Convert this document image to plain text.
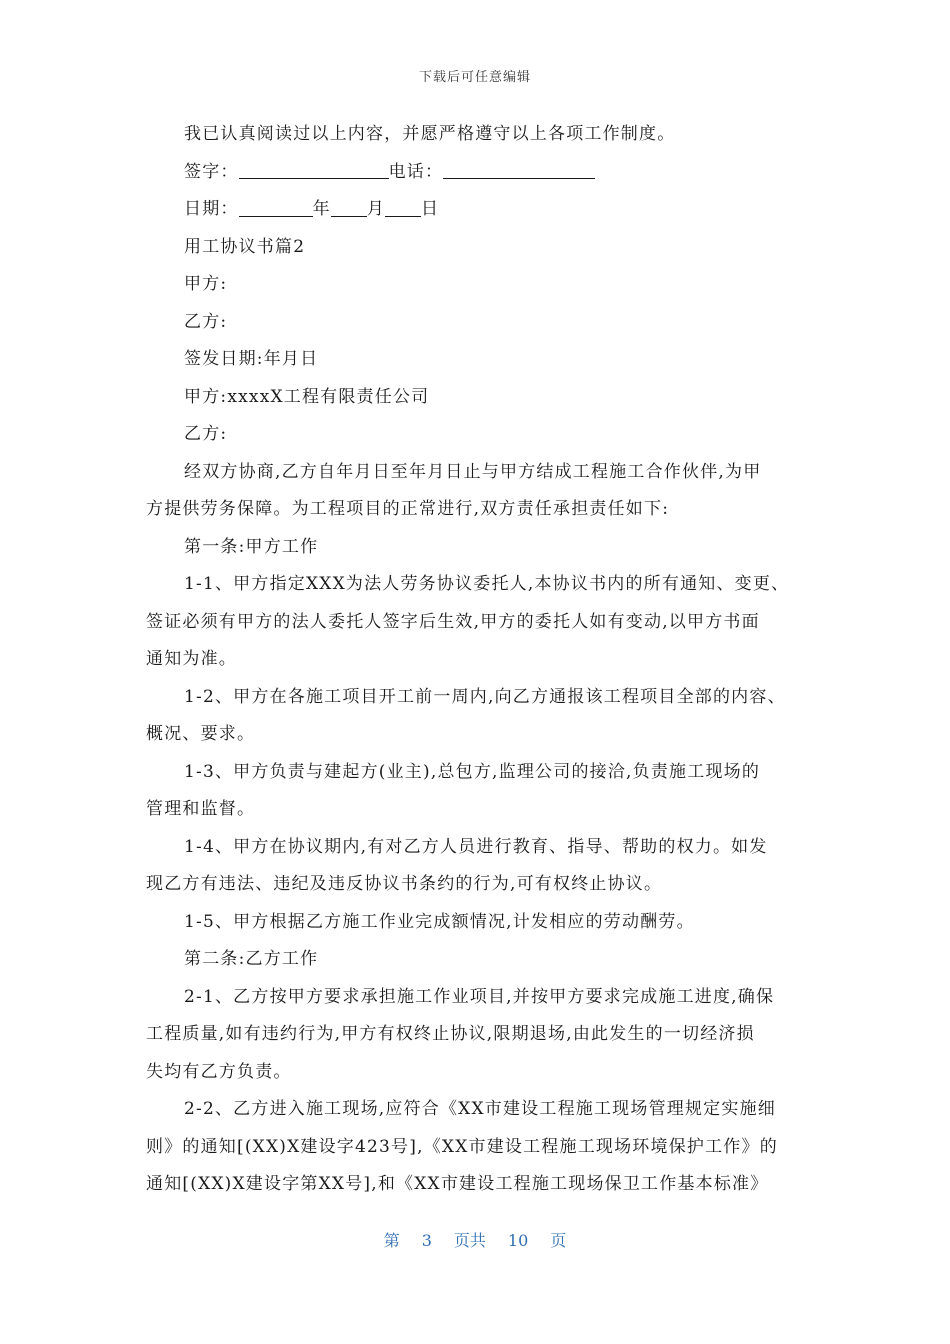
下载后可任意编辑
我已认真阅读过以上内容，并愿严格遵守以上各项工作制度。
签字：	电话：
日期：	年 月 日
用工协议书篇2
甲方:
乙方:
签发日期:年月日
甲方:xxxxX工程有限责任公司
乙方:
经双方协商,乙方自年月日至年月日止与甲方结成工程施工合作伙伴,为甲
方提供劳务保障。为工程项目的正常进行,双方责任承担责任如下:
第一条:甲方工作
1-1、甲方指定XXX为法人劳务协议委托人,本协议书内的所有通知、变更、
签证必须有甲方的法人委托人签字后生效,甲方的委托人如有变动,以甲方书面
通知为准。
1-2、甲方在各施工项目开工前一周内,向乙方通报该工程项目全部的内容、
概况、要求。
1-3、甲方负责与建起方(业主),总包方,监理公司的接洽,负责施工现场的
管理和监督。
1-4、甲方在协议期内,有对乙方人员进行教育、指导、帮助的权力。如发
现乙方有违法、违纪及违反协议书条约的行为,可有权终止协议。
1-5、甲方根据乙方施工作业完成额情况,计发相应的劳动酬劳。
第二条:乙方工作
2-1、乙方按甲方要求承担施工作业项目,并按甲方要求完成施工进度,确保
工程质量,如有违约行为,甲方有权终止协议,限期退场,由此发生的一切经济损
失均有乙方负责。
2-2、乙方进入施工现场,应符合《XX市建设工程施工现场管理规定实施细
则》的通知[(XX)X建设字423号],《XX市建设工程施工现场环境保护工作》的
通知[(XX)X建设字第XX号],和《XX市建设工程施工现场保卫工作基本标准》
第 3 页共 10 页
